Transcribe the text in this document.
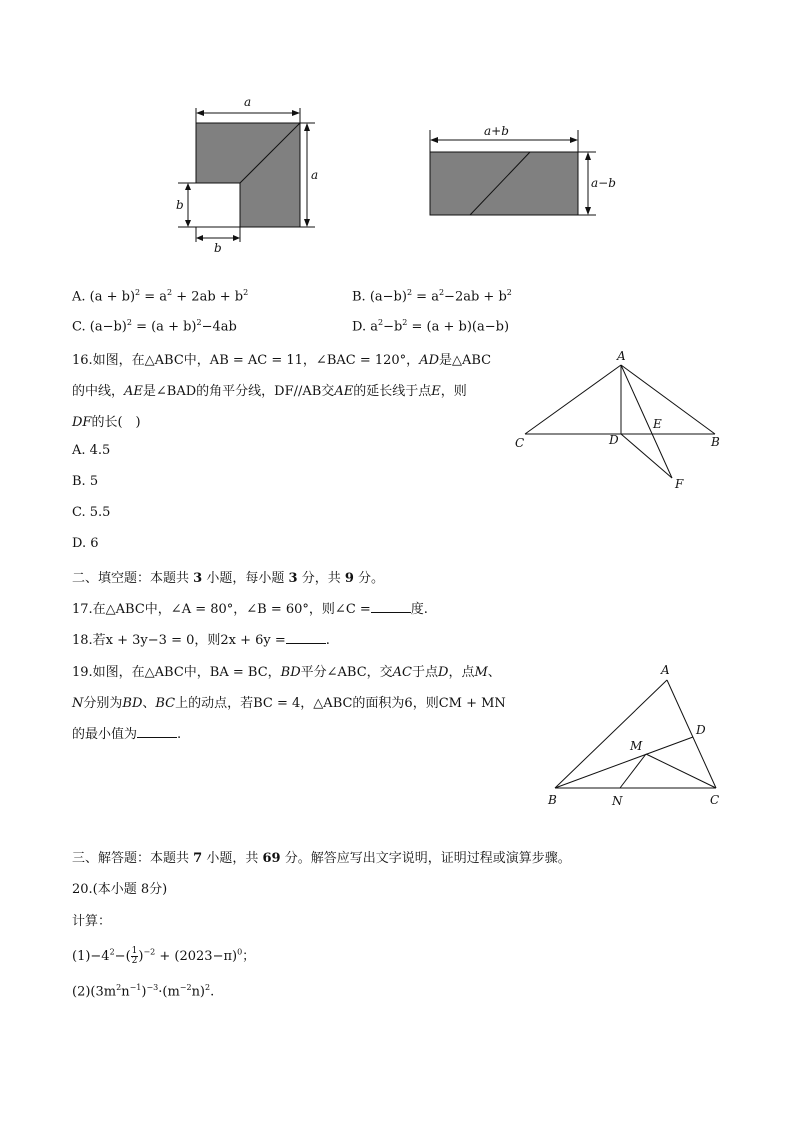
a
a
b
b
a+b
a−b
A. $(a + b)^2 = a^2 + 2ab + b^2$	B. $(a-b)^2 = a^2-2ab + b^2$
C. $(a-b)^2 = (a + b)^2-4ab$	D. $a^2-b^2 = (a + b)(a-b)$
16.如图，在△ABC中，AB = AC = 11，∠BAC = 120°，AD是△ABC
的中线，AE是∠BAD的角平分线，DF//AB交AE的延长线于点E，则
DF的长(　)
A. 4.5
B. 5
C. 5.5
D. 6
A
C	D
E
B
F
二、填空题：本题共 3 小题，每小题 3 分，共 9 分。
17.在△ABC中，∠A = 80°，∠B = 60°，则∠C =	度.
18.若x + 3y−3 = 0，则2x + 6y =	.
19.如图，在△ABC中，BA = BC，BD平分∠ABC，交AC于点D，点M、
N分别为BD、BC上的动点，若BC = 4，△ABC的面积为6，则CM + MN
的最小值为	.
A
D
M
B	N	C
三、解答题：本题共 7 小题，共 69 分。解答应写出文字说明，证明过程或演算步骤。
20.(本小题 8分)
计算：
$(1)-4^2-( \frac{1}{2} )^{-2} + (2023-\pi)^0$；
$(2)(3m^2n^{-1})^{-3}\cdot(m^{-2}n)^2$.
